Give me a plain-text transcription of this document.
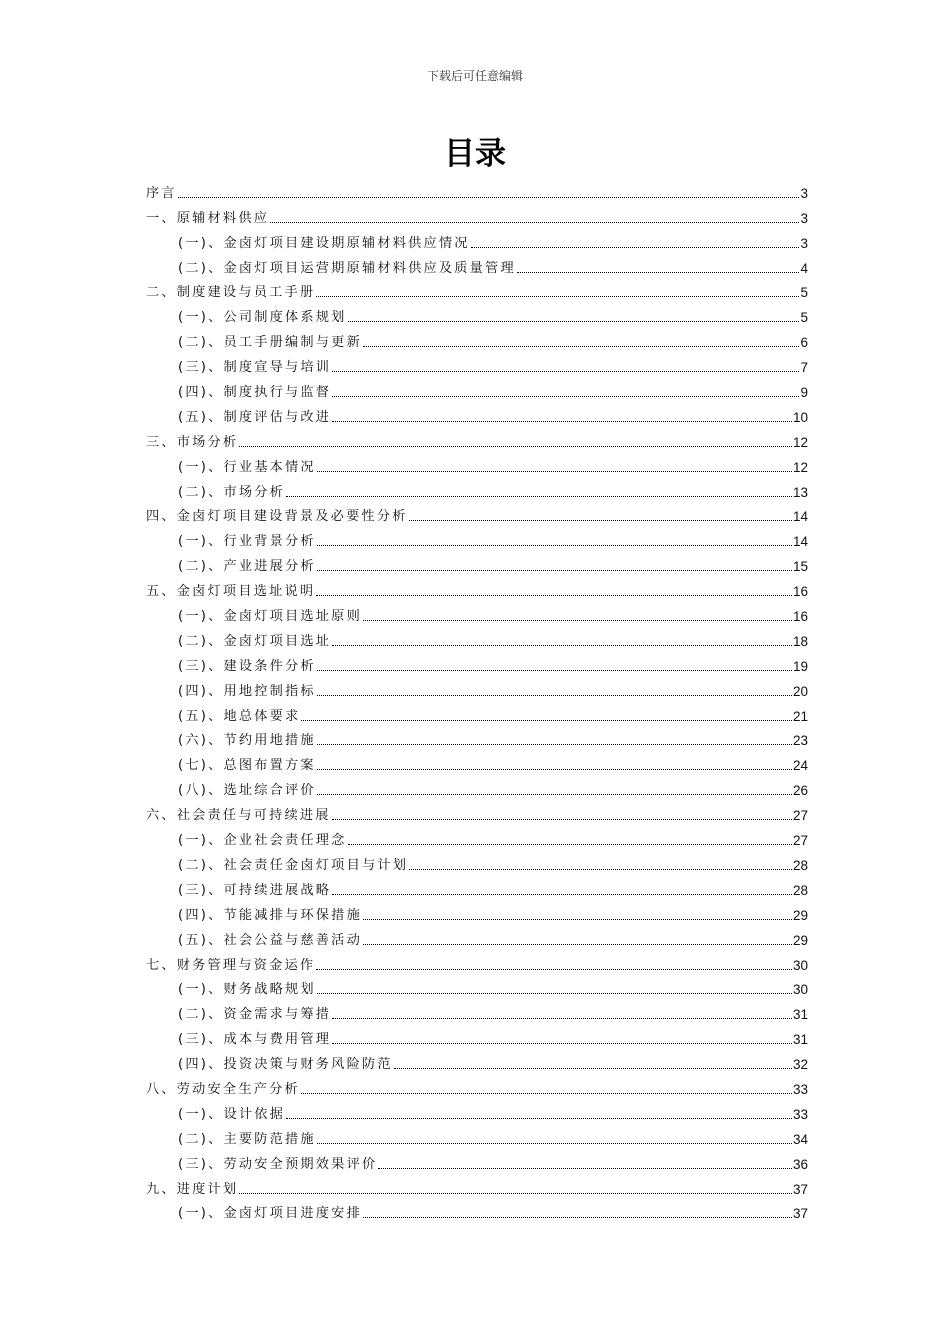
下载后可任意编辑
目录
序言	3
一、原辅材料供应	3
(一)、金卤灯项目建设期原辅材料供应情况	3
(二)、金卤灯项目运营期原辅材料供应及质量管理	4
二、制度建设与员工手册	5
(一)、公司制度体系规划	5
(二)、员工手册编制与更新	6
(三)、制度宣导与培训	7
(四)、制度执行与监督	9
(五)、制度评估与改进	10
三、市场分析	12
(一)、行业基本情况	12
(二)、市场分析	13
四、金卤灯项目建设背景及必要性分析	14
(一)、行业背景分析	14
(二)、产业进展分析	15
五、金卤灯项目选址说明	16
(一)、金卤灯项目选址原则	16
(二)、金卤灯项目选址	18
(三)、建设条件分析	19
(四)、用地控制指标	20
(五)、地总体要求	21
(六)、节约用地措施	23
(七)、总图布置方案	24
(八)、选址综合评价	26
六、社会责任与可持续进展	27
(一)、企业社会责任理念	27
(二)、社会责任金卤灯项目与计划	28
(三)、可持续进展战略	28
(四)、节能减排与环保措施	29
(五)、社会公益与慈善活动	29
七、财务管理与资金运作	30
(一)、财务战略规划	30
(二)、资金需求与筹措	31
(三)、成本与费用管理	31
(四)、投资决策与财务风险防范	32
八、劳动安全生产分析	33
(一)、设计依据	33
(二)、主要防范措施	34
(三)、劳动安全预期效果评价	36
九、进度计划	37
(一)、金卤灯项目进度安排	37
